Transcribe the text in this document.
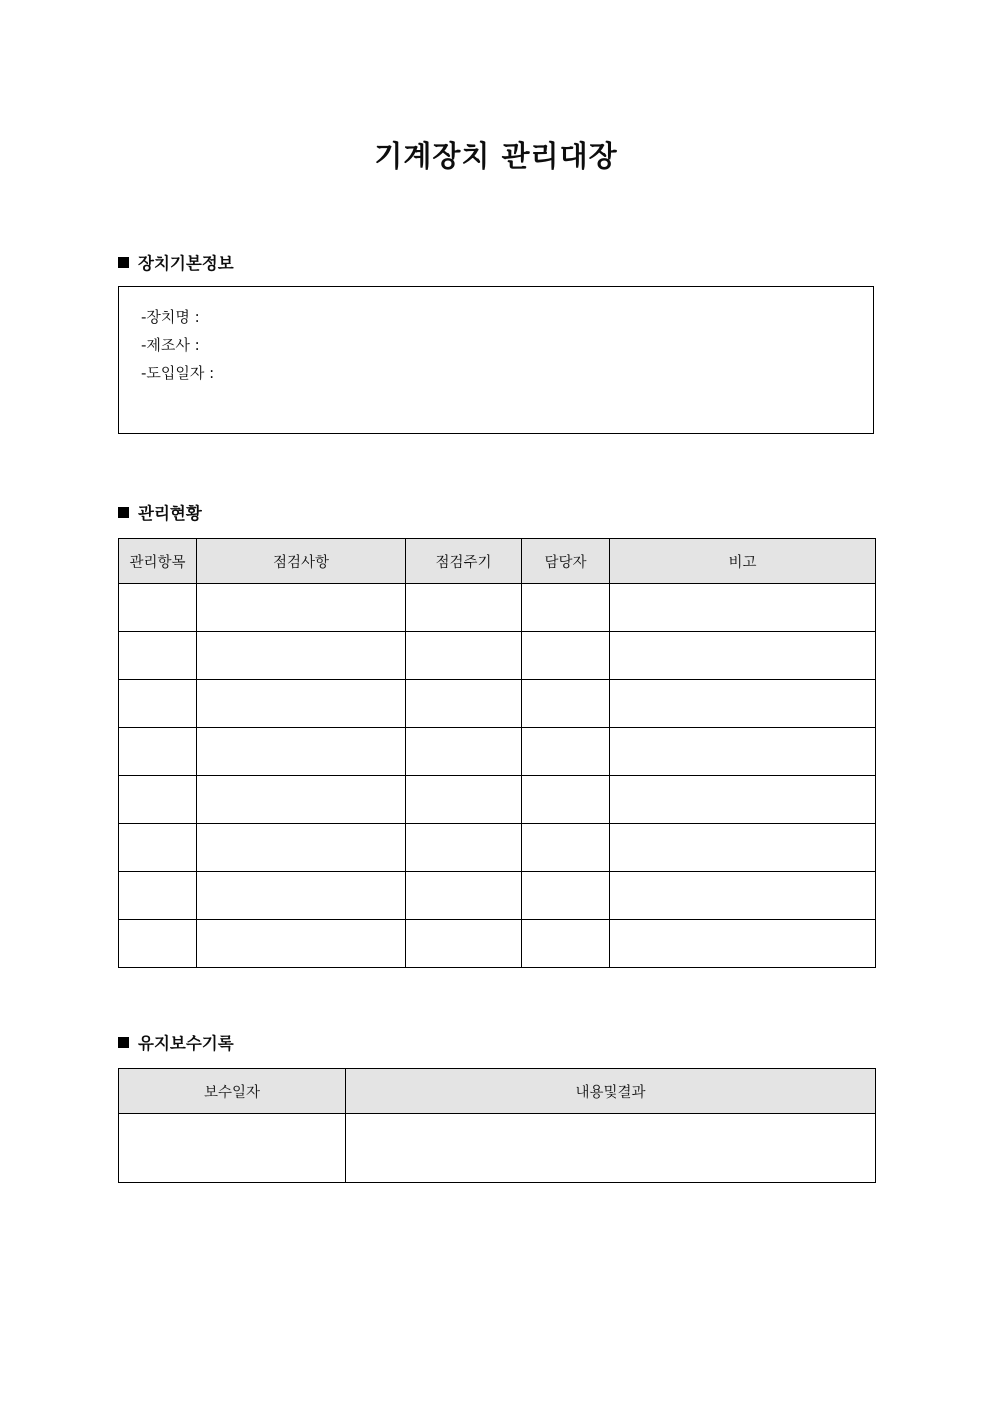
기계장치 관리대장
장치기본정보
-장치명 :
-제조사 :
-도입일자 :
관리현황
관리항목	점검사항	점검주기	담당자	비고

유지보수기록
보수일자	내용및결과
